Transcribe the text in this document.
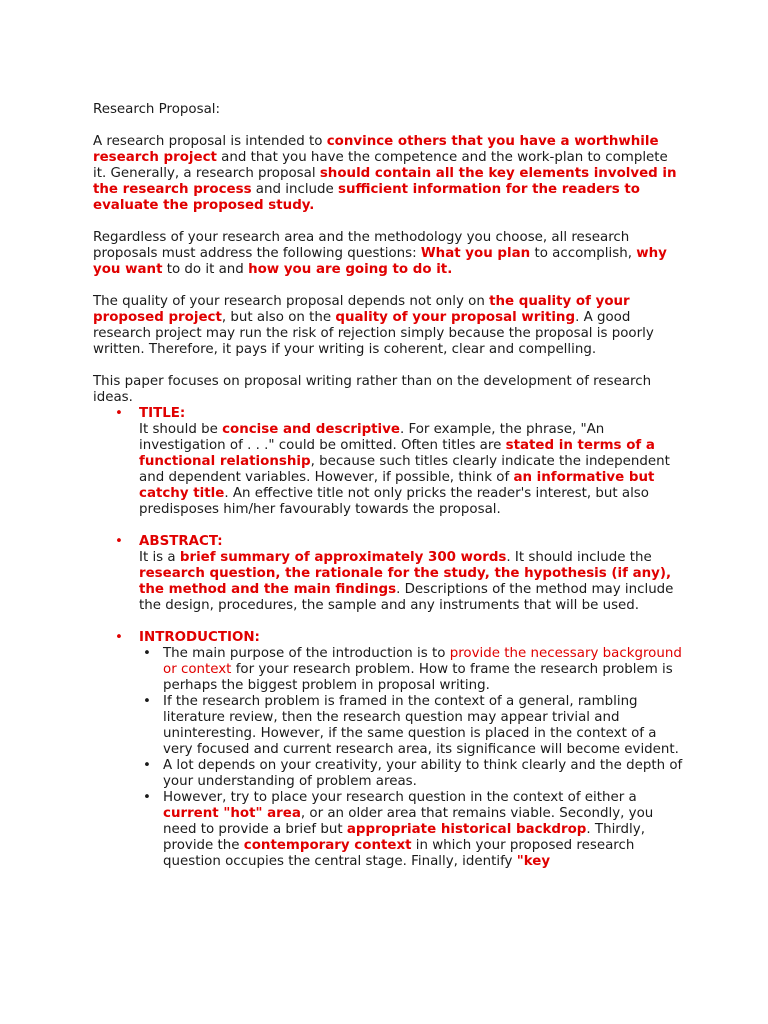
Research Proposal:

A research proposal is intended to convince others that you have a worthwhile research project and that you have the competence and the work-plan to complete it. Generally, a research proposal should contain all the key elements involved in the research process and include sufficient information for the readers to evaluate the proposed study.

Regardless of your research area and the methodology you choose, all research proposals must address the following questions: What you plan to accomplish, why you want to do it and how you are going to do it.

The quality of your research proposal depends not only on the quality of your proposed project, but also on the quality of your proposal writing. A good research project may run the risk of rejection simply because the proposal is poorly written. Therefore, it pays if your writing is coherent, clear and compelling.

This paper focuses on proposal writing rather than on the development of research ideas.

• TITLE:
It should be concise and descriptive. For example, the phrase, "An investigation of . . ." could be omitted. Often titles are stated in terms of a functional relationship, because such titles clearly indicate the independent and dependent variables. However, if possible, think of an informative but catchy title. An effective title not only pricks the reader's interest, but also predisposes him/her favourably towards the proposal.
• ABSTRACT:
It is a brief summary of approximately 300 words. It should include the research question, the rationale for the study, the hypothesis (if any), the method and the main findings. Descriptions of the method may include the design, procedures, the sample and any instruments that will be used.
• INTRODUCTION:
• The main purpose of the introduction is to provide the necessary background or context for your research problem. How to frame the research problem is perhaps the biggest problem in proposal writing.
• If the research problem is framed in the context of a general, rambling literature review, then the research question may appear trivial and uninteresting. However, if the same question is placed in the context of a very focused and current research area, its significance will become evident.
• A lot depends on your creativity, your ability to think clearly and the depth of your understanding of problem areas.
• However, try to place your research question in the context of either a current "hot" area, or an older area that remains viable. Secondly, you need to provide a brief but appropriate historical backdrop. Thirdly, provide the contemporary context in which your proposed research question occupies the central stage. Finally, identify "key
